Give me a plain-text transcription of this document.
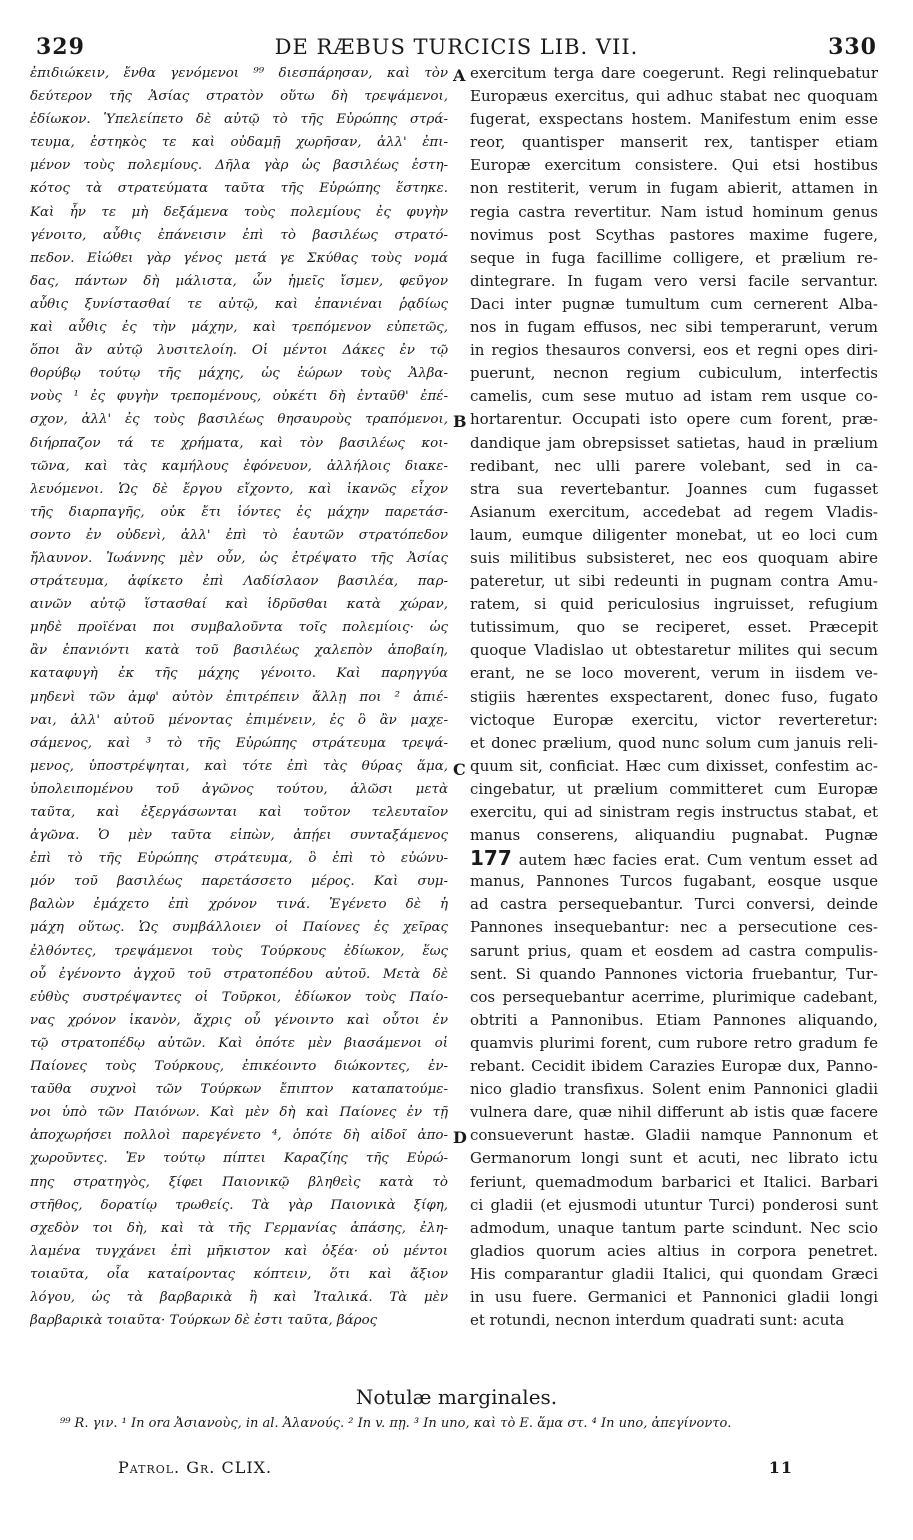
329	DE RÆBUS TURCICIS LIB. VII.	330
ἐπιδιώκειν, ἔνθα γενόμενοι ⁹⁹ διεσπάρησαν, καὶ τὸν
δεύτερον τῆς Ἀσίας στρατὸν οὕτω δὴ τρεψάμενοι,
ἐδίωκον. Ὑπελείπετο δὲ αὐτῷ τὸ τῆς Εὐρώπης στρά-
τευμα, ἑστηκὸς τε καὶ οὐδαμῇ χωρῆσαν, ἀλλ' ἐπι-
μένον τοὺς πολεμίους. Δῆλα γὰρ ὡς βασιλέως ἑστη-
κότος τὰ στρατεύματα ταῦτα τῆς Εὐρώπης ἕστηκε.
Καὶ ἦν τε μὴ δεξάμενα τοὺς πολεμίους ἐς φυγὴν
γένοιτο, αὖθις ἐπάνεισιν ἐπὶ τὸ βασιλέως στρατό-
πεδον. Εἰώθει γὰρ γένος μετά γε Σκύθας τοὺς νομά
δας, πάντων δὴ μάλιστα, ὧν ἡμεῖς ἴσμεν, φεῦγον
αὖθις ξυνίστασθαί τε αὐτῷ, καὶ ἐπανιέναι ῥᾳδίως
καὶ αὖθις ἐς τὴν μάχην, καὶ τρεπόμενον εὐπετῶς,
ὅποι ἂν αὐτῷ λυσιτελοίη. Οἱ μέντοι Δάκες ἐν τῷ
θορύβῳ τούτῳ τῆς μάχης, ὡς ἑώρων τοὺς Ἀλβα-
νοὺς ¹ ἐς φυγὴν τρεπομένους, οὐκέτι δὴ ἐνταῦθ' ἐπέ-
σχον, ἀλλ' ἐς τοὺς βασιλέως θησαυροὺς τραπόμενοι,
διήρπαζον τά τε χρήματα, καὶ τὸν βασιλέως κοι-
τῶνα, καὶ τὰς καμήλους ἐφόνευον, ἀλλήλοις διακε-
λευόμενοι. Ὡς δὲ ἔργου εἴχοντο, καὶ ἱκανῶς εἶχον
τῆς διαρπαγῆς, οὐκ ἔτι ἰόντες ἐς μάχην παρετάσ-
σοντο ἐν οὐδενὶ, ἀλλ' ἐπὶ τὸ ἑαυτῶν στρατόπεδον
ἤλαυνον. Ἰωάννης μὲν οὖν, ὡς ἐτρέψατο τῆς Ἀσίας
στράτευμα, ἀφίκετο ἐπὶ Λαδίσλαον βασιλέα, παρ-
αινῶν αὐτῷ ἵστασθαί καὶ ἱδρῦσθαι κατὰ χώραν,
μηδὲ προϊέναι ποι συμβαλοῦντα τοῖς πολεμίοις· ὡς
ἂν ἐπανιόντι κατὰ τοῦ βασιλέως χαλεπὸν ἀποβαίη,
καταφυγὴ ἐκ τῆς μάχης γένοιτο. Καὶ παρηγγύα
μηδενὶ τῶν ἀμφ' αὐτὸν ἐπιτρέπειν ἄλλῃ ποι ² ἀπιέ-
ναι, ἀλλ' αὐτοῦ μένοντας ἐπιμένειν, ἐς ὃ ἂν μαχε-
σάμενος, καὶ ³ τὸ τῆς Εὐρώπης στράτευμα τρεψά-
μενος, ὑποστρέψηται, καὶ τότε ἐπὶ τὰς θύρας ἅμα,
ὑπολειπομένου τοῦ ἀγῶνος τούτου, ἁλῶσι μετὰ
ταῦτα, καὶ ἐξεργάσωνται καὶ τοῦτον τελευταῖον
ἀγῶνα. Ὁ μὲν ταῦτα εἰπὼν, ἀπῄει συνταξάμενος
ἐπὶ τὸ τῆς Εὐρώπης στράτευμα, ὃ ἐπὶ τὸ εὐώνυ-
μόν τοῦ βασιλέως παρετάσσετο μέρος. Καὶ συμ-
βαλὼν ἐμάχετο ἐπὶ χρόνον τινά. Ἐγένετο δὲ ἡ
μάχη οὕτως. Ὡς συμβάλλοιεν οἱ Παίονες ἐς χεῖρας
ἐλθόντες, τρεψάμενοι τοὺς Τούρκους ἐδίωκον, ἕως
οὗ ἐγένοντο ἀγχοῦ τοῦ στρατοπέδου αὐτοῦ. Μετὰ δὲ
εὐθὺς συστρέψαντες οἱ Τοῦρκοι, ἐδίωκον τοὺς Παίο-
νας χρόνον ἱκανὸν, ἄχρις οὗ γένοιντο καὶ οὗτοι ἐν
τῷ στρατοπέδῳ αὐτῶν. Καὶ ὁπότε μὲν βιασάμενοι οἱ
Παίονες τοὺς Τούρκους, ἐπικέοιντο διώκοντες, ἐν-
ταῦθα συχνοὶ τῶν Τούρκων ἔπιπτον καταπατούμε-
νοι ὑπὸ τῶν Παιόνων. Καὶ μὲν δὴ καὶ Παίονες ἐν τῇ
ἀποχωρήσει πολλοὶ παρεγένετο ⁴, ὁπότε δὴ αἰδοῖ ἀπο-
χωροῦντες. Ἐν τούτῳ πίπτει Καραζίης τῆς Εὐρώ-
πης στρατηγὸς, ξίφει Παιονικῷ βληθεὶς κατὰ τὸ
στῆθος, δορατίῳ τρωθείς. Τὰ γὰρ Παιονικὰ ξίφη,
σχεδὸν τοι δὴ, καὶ τὰ τῆς Γερμανίας ἁπάσης, ἐλη-
λαμένα τυγχάνει ἐπὶ μῆκιστον καὶ ὀξέα· οὐ μέντοι
τοιαῦτα, οἷα καταίροντας κόπτειν, ὅτι καὶ ἄξιον
λόγου, ὡς τὰ βαρβαρικὰ ἢ καὶ Ἰταλικά. Τὰ μὲν
βαρβαρικὰ τοιαῦτα· Τούρκων δὲ ἐστι ταῦτα, βάρος
exercitum terga dare coegerunt. Regi relinquebatur
Europæus exercitus, qui adhuc stabat nec quoquam
fugerat, exspectans hostem. Manifestum enim esse
reor, quantisper manserit rex, tantisper etiam
Europæ exercitum consistere. Qui etsi hostibus
non restiterit, verum in fugam abierit, attamen in
regia castra revertitur. Nam istud hominum genus
novimus post Scythas pastores maxime fugere,
seque in fuga facillime colligere, et prælium re-
dintegrare. In fugam vero versi facile servantur.
Daci inter pugnæ tumultum cum cernerent Alba-
nos in fugam effusos, nec sibi temperarunt, verum
in regios thesauros conversi, eos et regni opes diri-
puerunt, necnon regium cubiculum, interfectis
camelis, cum sese mutuo ad istam rem usque co-
hortarentur. Occupati isto opere cum forent, præ-
dandique jam obrepsisset satietas, haud in prælium
redibant, nec ulli parere volebant, sed in ca-
stra sua revertebantur. Joannes cum fugasset
Asianum exercitum, accedebat ad regem Vladis-
laum, eumque diligenter monebat, ut eo loci cum
suis militibus subsisteret, nec eos quoquam abire
pateretur, ut sibi redeunti in pugnam contra Amu-
ratem, si quid periculosius ingruisset, refugium
tutissimum, quo se reciperet, esset. Præcepit
quoque Vladislao ut obtestaretur milites qui secum
erant, ne se loco moverent, verum in iisdem ve-
stigiis hærentes exspectarent, donec fuso, fugato
victoque Europæ exercitu, victor reverteretur:
et donec prælium, quod nunc solum cum januis reli-
quum sit, conficiat. Hæc cum dixisset, confestim ac-
cingebatur, ut prælium committeret cum Europæ
exercitu, qui ad sinistram regis instructus stabat, et
manus conserens, aliquandiu pugnabat. Pugnæ
177 autem hæc facies erat. Cum ventum esset ad
manus, Pannones Turcos fugabant, eosque usque
ad castra persequebantur. Turci conversi, deinde
Pannones insequebantur: nec a persecutione ces-
sarunt prius, quam et eosdem ad castra compulis-
sent. Si quando Pannones victoria fruebantur, Tur-
cos persequebantur acerrime, plurimique cadebant,
obtriti a Pannonibus. Etiam Pannones aliquando,
quamvis plurimi forent, cum rubore retro gradum fe
rebant. Cecidit ibidem Carazies Europæ dux, Panno-
nico gladio transfixus. Solent enim Pannonici gladii
vulnera dare, quæ nihil differunt ab istis quæ facere
consueverunt hastæ. Gladii namque Pannonum et
Germanorum longi sunt et acuti, nec librato ictu
feriunt, quemadmodum barbarici et Italici. Barbari
ci gladii (et ejusmodi utuntur Turci) ponderosi sunt
admodum, unaque tantum parte scindunt. Nec scio
gladios quorum acies altius in corpora penetret.
His comparantur gladii Italici, qui quondam Græci
in usu fuere. Germanici et Pannonici gladii longi
et rotundi, necnon interdum quadrati sunt: acuta
A
B
C
D
Notulæ marginales.
⁹⁹ R. γιν. ¹ In ora Ἀσιανοὺς, in al. Ἀλανούς. ² In v. πῃ. ³ In uno, καὶ τὸ Ε. ἅμα στ. ⁴ In uno, ἀπεγίνοντο.
Patrol. Gr. CLIX.	11
